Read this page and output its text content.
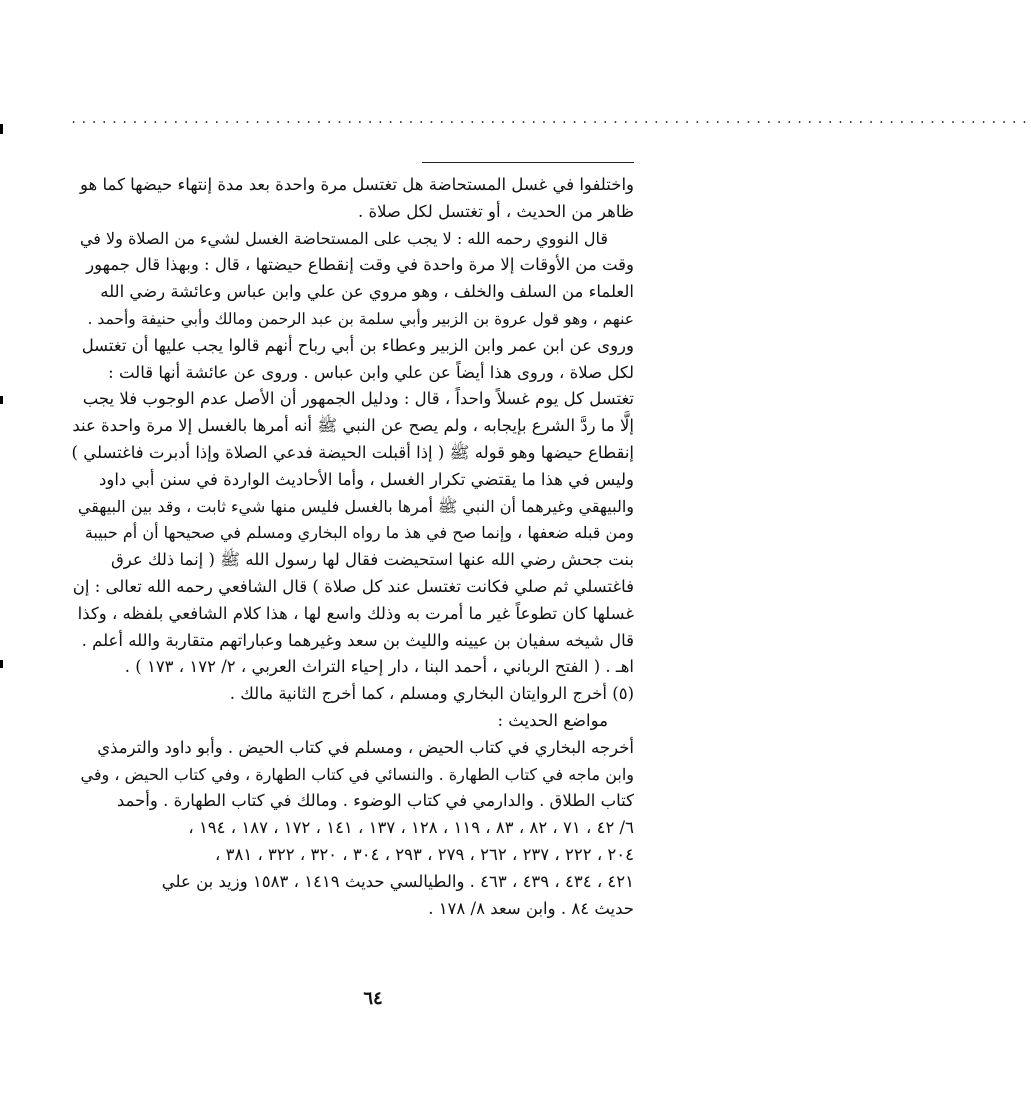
..............................................................................................
واختلفوا في غسل المستحاضة هل تغتسل مرة واحدة بعد مدة إنتهاء حيضها كما هو
ظاهر من الحديث ، أو تغتسل لكل صلاة .
قال النووي رحمه الله : لا يجب على المستحاضة الغسل لشيء من الصلاة ولا في
وقت من الأوقات إلا مرة واحدة في وقت إنقطاع حيضتها ، قال : وبهذا قال جمهور
العلماء من السلف والخلف ، وهو مروي عن علي وابن عباس وعائشة رضي الله
عنهم ، وهو قول عروة بن الزبير وأبي سلمة بن عبد الرحمن ومالك وأبي حنيفة وأحمد .
وروى عن ابن عمر وابن الزبير وعطاء بن أبي رباح أنهم قالوا يجب عليها أن تغتسل
لكل صلاة ، وروى هذا أيضاً عن علي وابن عباس . وروى عن عائشة أنها قالت :
تغتسل كل يوم غسلاً واحداً ، قال : ودليل الجمهور أن الأصل عدم الوجوب فلا يجب
إلَّا ما ردَّ الشرع بإيجابه ، ولم يصح عن النبي ﷺ أنه أمرها بالغسل إلا مرة واحدة عند
إنقطاع حيضها وهو قوله ﷺ ( إذا أقبلت الحيضة فدعي الصلاة وإذا أدبرت فاغتسلي )
وليس في هذا ما يقتضي تكرار الغسل ، وأما الأحاديث الواردة في سنن أبي داود
والبيهقي وغيرهما أن النبي ﷺ أمرها بالغسل فليس منها شيء ثابت ، وقد بين البيهقي
ومن قبله ضعفها ، وإنما صح في هذ ما رواه البخاري ومسلم في صحيحها أن أم حبيبة
بنت جحش رضي الله عنها استحيضت فقال لها رسول الله ﷺ ( إنما ذلك عرق
فاغتسلي ثم صلي فكانت تغتسل عند كل صلاة ) قال الشافعي رحمه الله تعالى : إن
غسلها كان تطوعاً غير ما أمرت به وذلك واسع لها ، هذا كلام الشافعي بلفظه ، وكذا
قال شيخه سفيان بن عيينه والليث بن سعد وغيرهما وعباراتهم متقاربة والله أعلم .
اهـ . ( الفتح الرباني ، أحمد البنا ، دار إحياء التراث العربي ، ٢/ ١٧٢ ، ١٧٣ ) .
(٥) أخرج الروايتان البخاري ومسلم ، كما أخرج الثانية مالك .
مواضع الحديث :
أخرجه البخاري في كتاب الحيض ، ومسلم في كتاب الحيض . وأبو داود والترمذي
وابن ماجه في كتاب الطهارة . والنسائي في كتاب الطهارة ، وفي كتاب الحيض ، وفي
كتاب الطلاق . والدارمي في كتاب الوضوء . ومالك في كتاب الطهارة . وأحمد
٦/ ٤٢ ، ٧١ ، ٨٢ ، ٨٣ ، ١١٩ ، ١٢٨ ، ١٣٧ ، ١٤١ ، ١٧٢ ، ١٨٧ ، ١٩٤ ،
٢٠٤ ، ٢٢٢ ، ٢٣٧ ، ٢٦٢ ، ٢٧٩ ، ٢٩٣ ، ٣٠٤ ، ٣٢٠ ، ٣٢٢ ، ٣٨١ ،
٤٢١ ، ٤٣٤ ، ٤٣٩ ، ٤٦٣ . والطيالسي حديث ١٤١٩ ، ١٥٨٣ وزيد بن علي
حديث ٨٤ . وابن سعد ٨/ ١٧٨ .
٦٤
